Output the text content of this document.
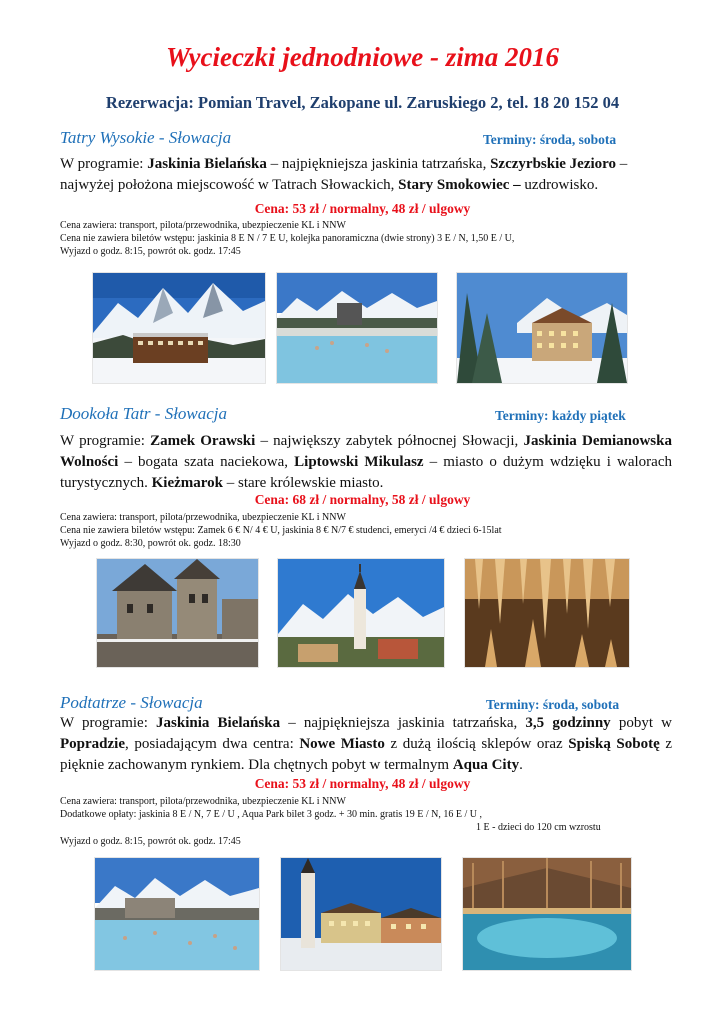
Wycieczki jednodniowe - zima 2016
Rezerwacja: Pomian Travel, Zakopane ul. Zaruskiego 2, tel. 18 20 152 04
Tatry Wysokie - Słowacja	Terminy: środa, sobota
W programie: Jaskinia Bielańska – najpiękniejsza jaskinia tatrzańska, Szczyrbskie Jezioro – najwyżej położona miejscowość w Tatrach Słowackich, Stary Smokowiec – uzdrowisko.
Cena: 53 zł / normalny, 48 zł / ulgowy
Cena zawiera: transport, pilota/przewodnika, ubezpieczenie KL i NNW
Cena nie zawiera biletów wstępu: jaskinia 8 E N / 7 E U, kolejka panoramiczna (dwie strony) 3 E / N, 1,50 E / U,
Wyjazd o godz. 8:15, powrót ok. godz. 17:45
Dookoła Tatr - Słowacja	Terminy: każdy piątek
W programie: Zamek Orawski – największy zabytek północnej Słowacji, Jaskinia Demianowska Wolności – bogata szata naciekowa, Liptowski Mikulasz – miasto o dużym wdzięku i walorach turystycznych. Kieżmarok – stare królewskie miasto.
Cena: 68 zł / normalny, 58 zł / ulgowy
Cena zawiera: transport, pilota/przewodnika, ubezpieczenie KL i NNW
Cena nie zawiera biletów wstępu: Zamek 6 € N/ 4 € U, jaskinia 8 € N/7 € studenci, emeryci /4 € dzieci 6-15lat
Wyjazd o godz. 8:30, powrót ok. godz. 18:30
Podtatrze - Słowacja	Terminy: środa, sobota
W programie: Jaskinia Bielańska – najpiękniejsza jaskinia tatrzańska, 3,5 godzinny pobyt w Popradzie, posiadającym dwa centra: Nowe Miasto z dużą ilością sklepów oraz Spiską Sobotę z pięknie zachowanym rynkiem. Dla chętnych pobyt w termalnym Aqua City.
Cena: 53 zł / normalny, 48 zł / ulgowy
Cena zawiera: transport, pilota/przewodnika, ubezpieczenie KL i NNW
Dodatkowe opłaty: jaskinia 8 E / N, 7 E / U , Aqua Park bilet 3 godz. + 30 min. gratis 19 E / N, 16 E / U ,
1 E - dzieci do 120 cm wzrostu
Wyjazd o godz. 8:15, powrót ok. godz. 17:45
